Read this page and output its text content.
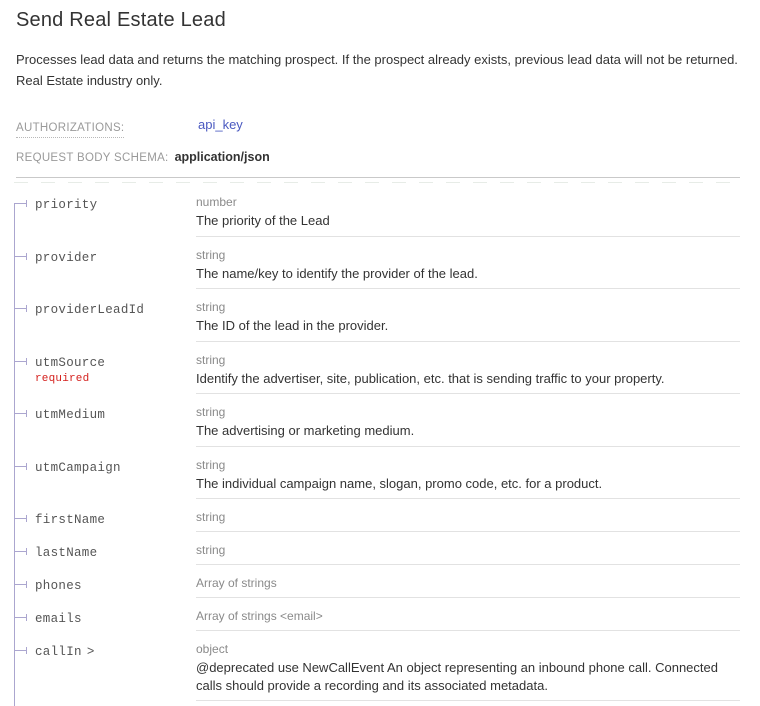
Send Real Estate Lead

Processes lead data and returns the matching prospect. If the prospect already exists, previous lead data will not be returned. Real Estate industry only.

AUTHORIZATIONS:	api_key
REQUEST BODY SCHEMA: application/json
priority	number
The priority of the Lead
provider	string
The name/key to identify the provider of the lead.
providerLeadId	string
The ID of the lead in the provider.
utmSource
required
string
Identify the advertiser, site, publication, etc. that is sending traffic to your property.
utmMedium	string
The advertising or marketing medium.
utmCampaign	string
The individual campaign name, slogan, promo code, etc. for a product.
firstName	string
lastName	string
phones	Array of strings
emails	Array of strings <email>
callIn >	object
@deprecated use NewCallEvent An object representing an inbound phone call. Connected calls should provide a recording and its associated metadata.
